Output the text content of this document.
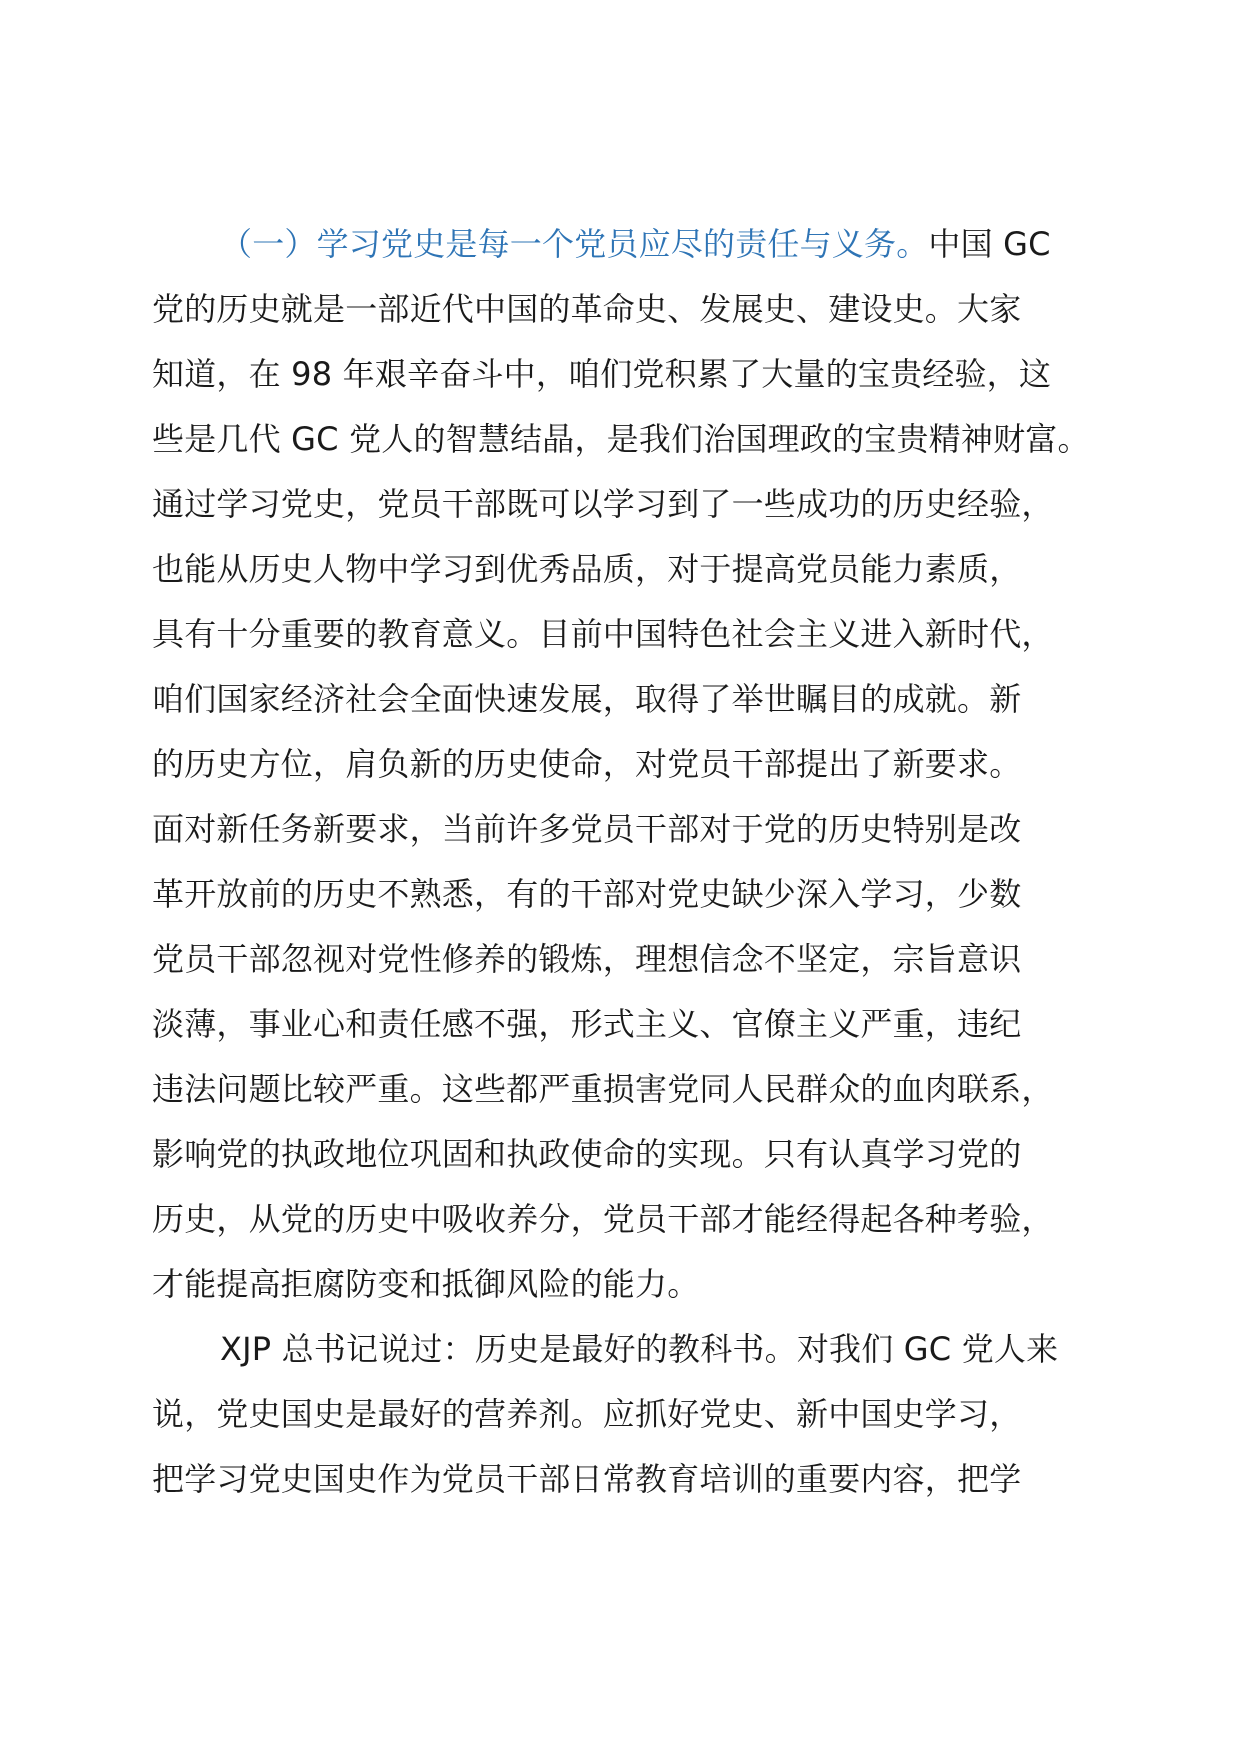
（一）学习党史是每一个党员应尽的责任与义务。中国 GC
党的历史就是一部近代中国的革命史、发展史、建设史。大家
知道，在 98 年艰辛奋斗中，咱们党积累了大量的宝贵经验，这
些是几代 GC 党人的智慧结晶，是我们治国理政的宝贵精神财富。
通过学习党史，党员干部既可以学习到了一些成功的历史经验，
也能从历史人物中学习到优秀品质，对于提高党员能力素质，
具有十分重要的教育意义。目前中国特色社会主义进入新时代，
咱们国家经济社会全面快速发展，取得了举世瞩目的成就。新
的历史方位，肩负新的历史使命，对党员干部提出了新要求。
面对新任务新要求，当前许多党员干部对于党的历史特别是改
革开放前的历史不熟悉，有的干部对党史缺少深入学习，少数
党员干部忽视对党性修养的锻炼，理想信念不坚定，宗旨意识
淡薄，事业心和责任感不强，形式主义、官僚主义严重，违纪
违法问题比较严重。这些都严重损害党同人民群众的血肉联系，
影响党的执政地位巩固和执政使命的实现。只有认真学习党的
历史，从党的历史中吸收养分，党员干部才能经得起各种考验，
才能提高拒腐防变和抵御风险的能力。
XJP 总书记说过：历史是最好的教科书。对我们 GC 党人来
说，党史国史是最好的营养剂。应抓好党史、新中国史学习，
把学习党史国史作为党员干部日常教育培训的重要内容，把学
